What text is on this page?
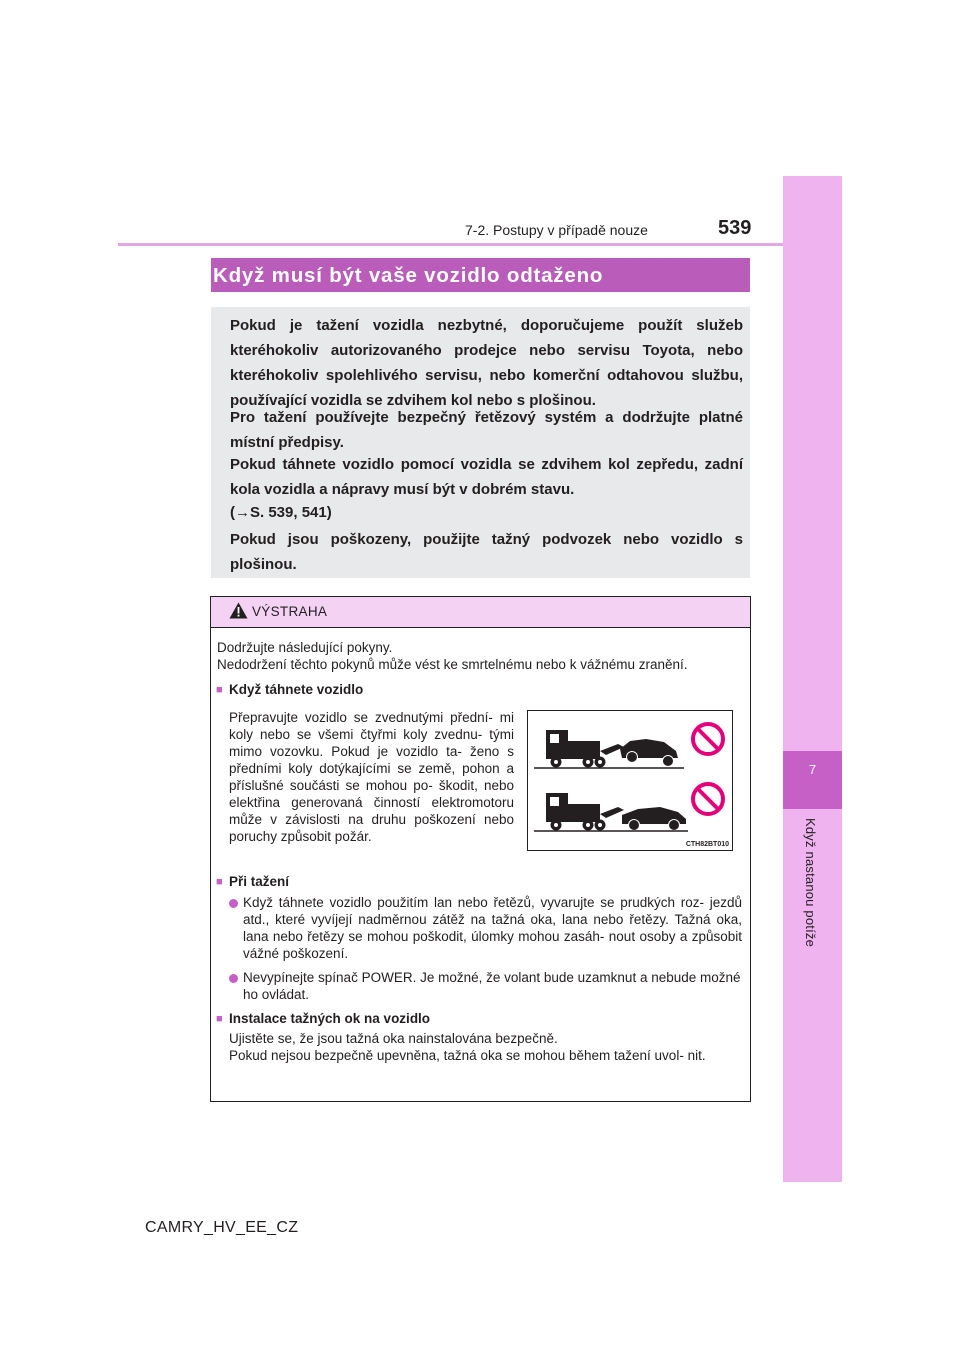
7
Když nastanou potíže
7-2. Postupy v případě nouze	539
Když musí být vaše vozidlo odtaženo

Pokud je tažení vozidla nezbytné, doporučujeme použít služeb kteréhokoliv autorizovaného prodejce nebo servisu Toyota, nebo kteréhokoliv spolehlivého servisu, nebo komerční odtahovou službu, používající vozidla se zdvihem kol nebo s plošinou.

Pro tažení používejte bezpečný řetězový systém a dodržujte platné místní předpisy.

Pokud táhnete vozidlo pomocí vozidla se zdvihem kol zepředu, zadní kola vozidla a nápravy musí být v dobrém stavu.

(→S. 539, 541)

Pokud jsou poškozeny, použijte tažný podvozek nebo vozidlo s plošinou.

VÝSTRAHA

Dodržujte následující pokyny.

Nedodržení těchto pokynů může vést ke smrtelnému nebo k vážnému zranění.

■ Když táhnete vozidlo

Přepravujte vozidlo se zvednutými přední- mi koly nebo se všemi čtyřmi koly zvednu- tými mimo vozovku. Pokud je vozidlo ta- ženo s předními koly dotýkajícími se země, pohon a příslušné součásti se mohou po- škodit, nebo elektřina generovaná činností elektromotoru může v závislosti na druhu poškození nebo poruchy způsobit požár.

CTH82BT010
■ Při tažení

Když táhnete vozidlo použitím lan nebo řetězů, vyvarujte se prudkých roz- jezdů atd., které vyvíjejí nadměrnou zátěž na tažná oka, lana nebo řetězy. Tažná oka, lana nebo řetězy se mohou poškodit, úlomky mohou zasáh- nout osoby a způsobit vážné poškození.

Nevypínejte spínač POWER. Je možné, že volant bude uzamknut a nebude možné ho ovládat.

■ Instalace tažných ok na vozidlo

Ujistěte se, že jsou tažná oka nainstalována bezpečně.

Pokud nejsou bezpečně upevněna, tažná oka se mohou během tažení uvol- nit.

CAMRY_HV_EE_CZ
